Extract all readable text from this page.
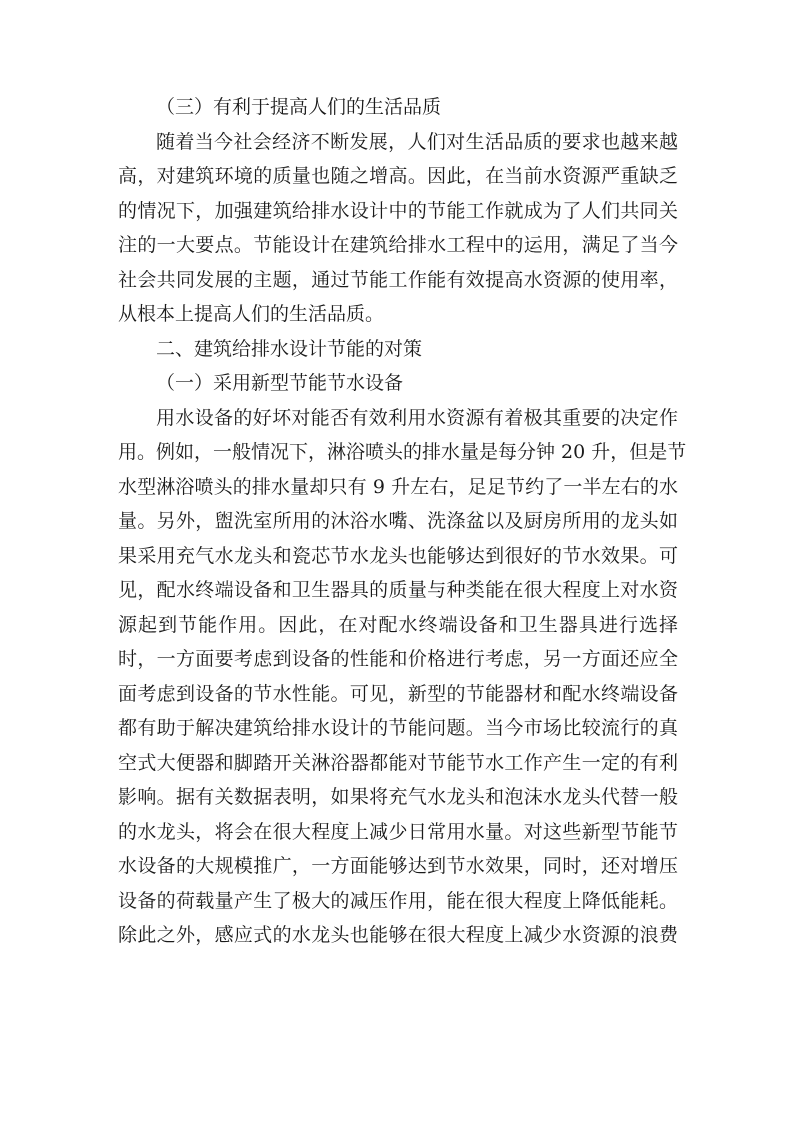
（三）有利于提高人们的生活品质
随着当今社会经济不断发展，人们对生活品质的要求也越来越
高，对建筑环境的质量也随之增高。因此，在当前水资源严重缺乏
的情况下，加强建筑给排水设计中的节能工作就成为了人们共同关
注的一大要点。节能设计在建筑给排水工程中的运用，满足了当今
社会共同发展的主题，通过节能工作能有效提高水资源的使用率，
从根本上提高人们的生活品质。
二、建筑给排水设计节能的对策
（一）采用新型节能节水设备
用水设备的好坏对能否有效利用水资源有着极其重要的决定作
用。例如，一般情况下，淋浴喷头的排水量是每分钟 20 升，但是节
水型淋浴喷头的排水量却只有 9 升左右，足足节约了一半左右的水
量。另外，盥洗室所用的沐浴水嘴、洗涤盆以及厨房所用的龙头如
果采用充气水龙头和瓷芯节水龙头也能够达到很好的节水效果。可
见，配水终端设备和卫生器具的质量与种类能在很大程度上对水资
源起到节能作用。因此，在对配水终端设备和卫生器具进行选择
时，一方面要考虑到设备的性能和价格进行考虑，另一方面还应全
面考虑到设备的节水性能。可见，新型的节能器材和配水终端设备
都有助于解决建筑给排水设计的节能问题。当今市场比较流行的真
空式大便器和脚踏开关淋浴器都能对节能节水工作产生一定的有利
影响。据有关数据表明，如果将充气水龙头和泡沫水龙头代替一般
的水龙头，将会在很大程度上减少日常用水量。对这些新型节能节
水设备的大规模推广，一方面能够达到节水效果，同时，还对增压
设备的荷载量产生了极大的减压作用，能在很大程度上降低能耗。
除此之外，感应式的水龙头也能够在很大程度上减少水资源的浪费
